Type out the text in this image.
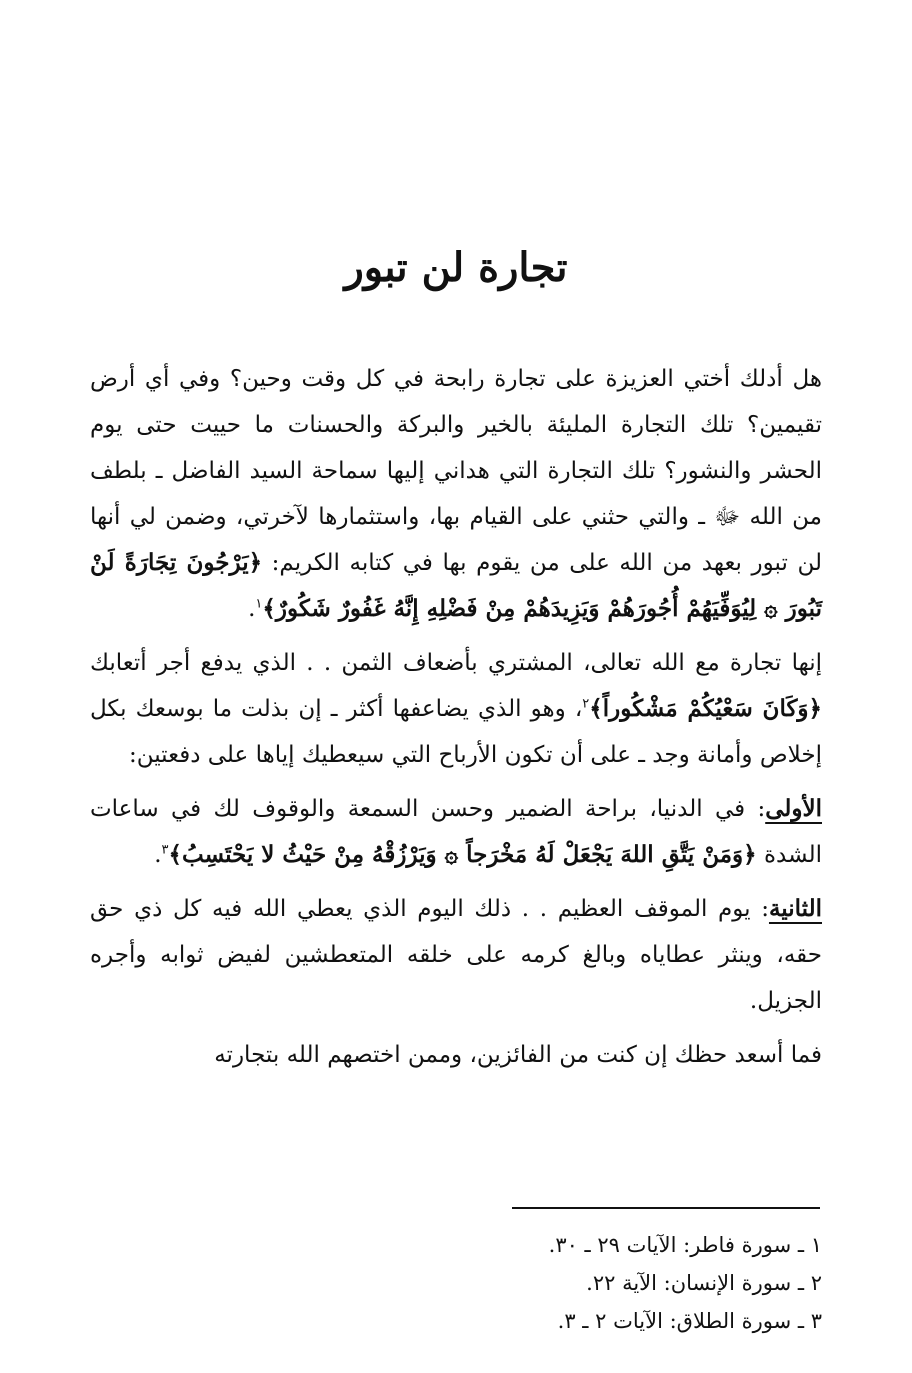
تجارة لن تبور

هل أدلك أختي العزيزة على تجارة رابحة في كل وقت وحين؟ وفي أي أرض تقيمين؟ تلك التجارة المليئة بالخير والبركة والحسنات ما حييت حتى يوم الحشر والنشور؟ تلك التجارة التي هداني إليها سماحة السيد الفاضل ـ بلطف من الله ﷻ ـ والتي حثني على القيام بها، واستثمارها لآخرتي، وضمن لي أنها لن تبور بعهد من الله على من يقوم بها في كتابه الكريم: ﴿يَرْجُونَ تِجَارَةً لَنْ تَبُورَ ۞ لِيُوَفِّيَهُمْ أُجُورَهُمْ وَيَزِيدَهُمْ مِنْ فَضْلِهِ إِنَّهُ غَفُورٌ شَكُورٌ﴾$^١$.

إنها تجارة مع الله تعالى، المشتري بأضعاف الثمن . . الذي يدفع أجر أتعابك ﴿وَكَانَ سَعْيُكُمْ مَشْكُوراً﴾$^٢$، وهو الذي يضاعفها أكثر ـ إن بذلت ما بوسعك بكل إخلاص وأمانة وجد ـ على أن تكون الأرباح التي سيعطيك إياها على دفعتين:

الأولى: في الدنيا، براحة الضمير وحسن السمعة والوقوف لك في ساعات الشدة ﴿وَمَنْ يَتَّقِ اللهَ يَجْعَلْ لَهُ مَخْرَجاً ۞ وَيَرْزُقْهُ مِنْ حَيْثُ لا يَحْتَسِبُ﴾$^٣$.

الثانية: يوم الموقف العظيم . . ذلك اليوم الذي يعطي الله فيه كل ذي حق حقه، وينثر عطاياه وبالغ كرمه على خلقه المتعطشين لفيض ثوابه وأجره الجزيل.

فما أسعد حظك إن كنت من الفائزين، وممن اختصهم الله بتجارته

١ ـ سورة فاطر: الآيات ٢٩ ـ ٣٠.
٢ ـ سورة الإنسان: الآية ٢٢.
٣ ـ سورة الطلاق: الآيات ٢ ـ ٣.
